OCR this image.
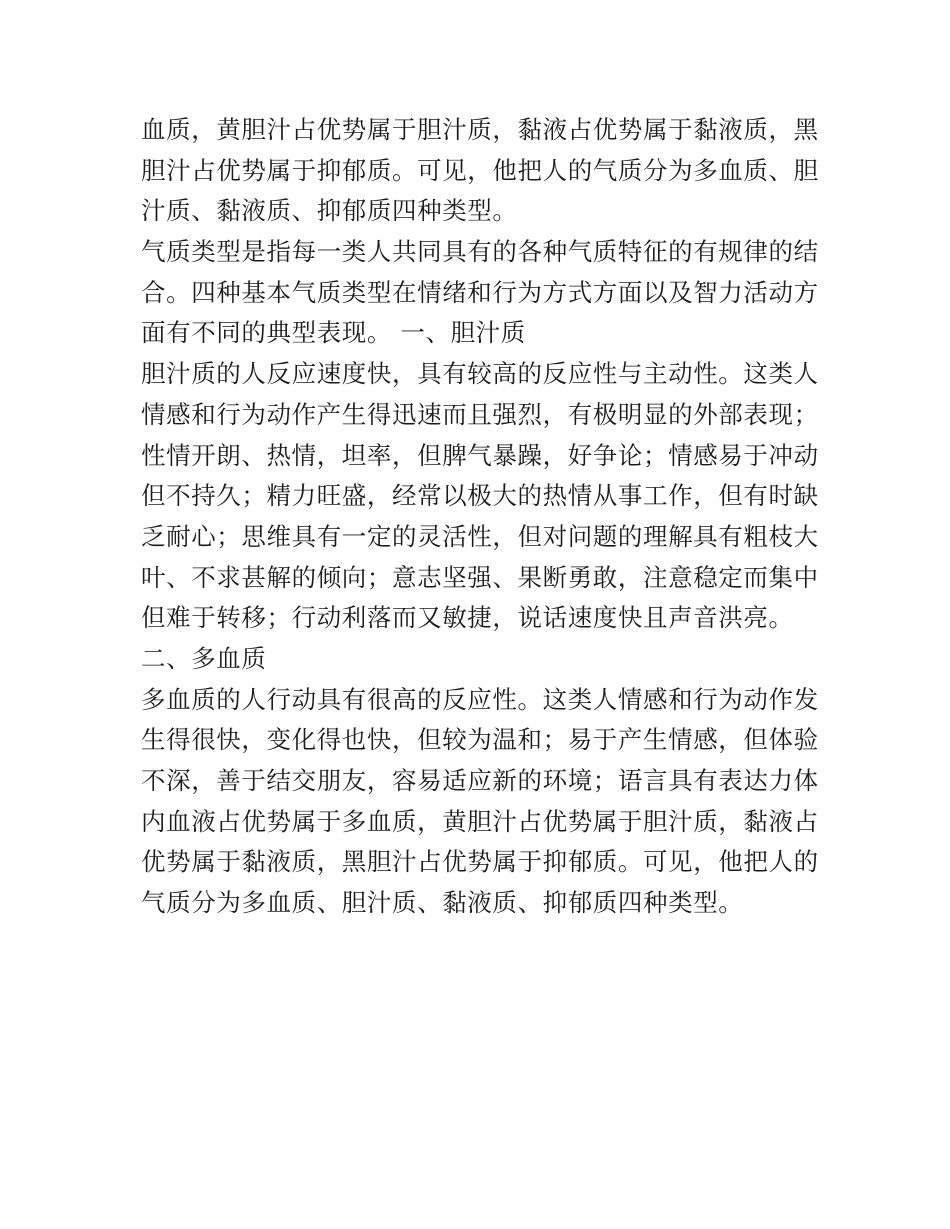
血质，黄胆汁占优势属于胆汁质，黏液占优势属于黏液质，黑
胆汁占优势属于抑郁质。可见，他把人的气质分为多血质、胆
汁质、黏液质、抑郁质四种类型。
气质类型是指每一类人共同具有的各种气质特征的有规律的结
合。四种基本气质类型在情绪和行为方式方面以及智力活动方
面有不同的典型表现。 一、胆汁质
胆汁质的人反应速度快，具有较高的反应性与主动性。这类人
情感和行为动作产生得迅速而且强烈，有极明显的外部表现；
性情开朗、热情，坦率，但脾气暴躁，好争论；情感易于冲动
但不持久；精力旺盛，经常以极大的热情从事工作，但有时缺
乏耐心；思维具有一定的灵活性，但对问题的理解具有粗枝大
叶、不求甚解的倾向；意志坚强、果断勇敢，注意稳定而集中
但难于转移；行动利落而又敏捷，说话速度快且声音洪亮。
二、多血质
多血质的人行动具有很高的反应性。这类人情感和行为动作发
生得很快，变化得也快，但较为温和；易于产生情感，但体验
不深，善于结交朋友，容易适应新的环境；语言具有表达力体
内血液占优势属于多血质，黄胆汁占优势属于胆汁质，黏液占
优势属于黏液质，黑胆汁占优势属于抑郁质。可见，他把人的
气质分为多血质、胆汁质、黏液质、抑郁质四种类型。
